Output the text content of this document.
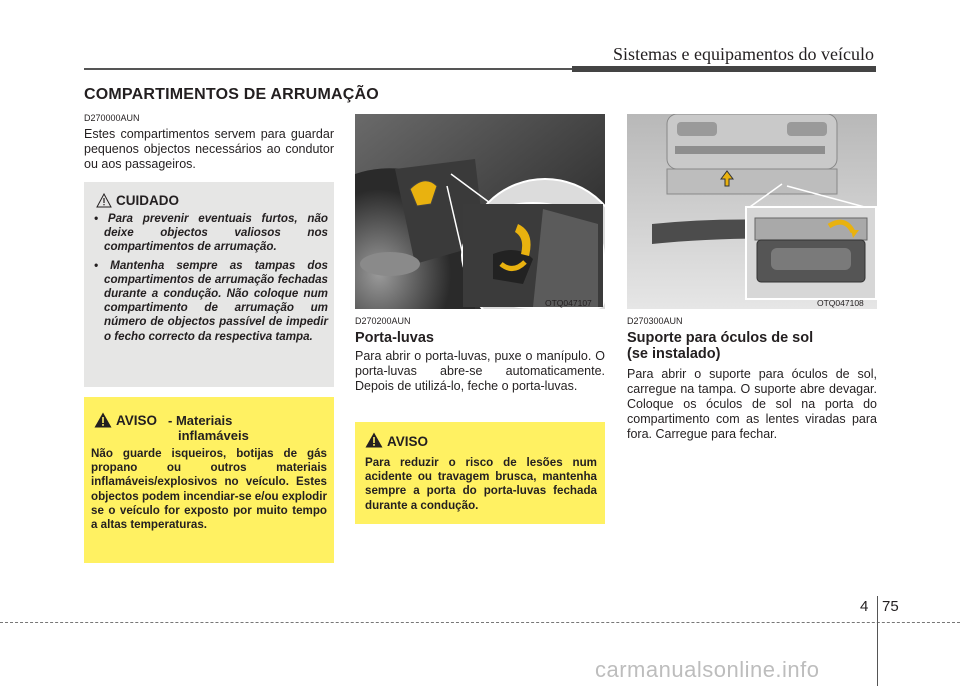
Sistemas e equipamentos do veículo
COMPARTIMENTOS DE ARRUMAÇÃO
D270000AUN
Estes compartimentos servem para guardar pequenos objectos necessários ao condutor ou aos passageiros.
CUIDADO
• Para prevenir eventuais furtos, não deixe objectos valiosos nos compartimentos de arrumação.
• Mantenha sempre as tampas dos compartimentos de arrumação fechadas durante a condução. Não coloque num compartimento de arrumação um número de objectos passível de impedir o fecho correcto da respectiva tampa.
AVISO - Materiais inflamáveis
Não guarde isqueiros, botijas de gás propano ou outros materiais inflamáveis/explosivos no veículo. Estes objectos podem incendiar-se e/ou explodir se o veículo for exposto por muito tempo a altas temperaturas.
OTQ047107
D270200AUN
Porta-luvas
Para abrir o porta-luvas, puxe o manípulo. O porta-luvas abre-se automaticamente. Depois de utilizá-lo, feche o porta-luvas.
AVISO
Para reduzir o risco de lesões num acidente ou travagem brusca, mantenha sempre a porta do porta-luvas fechada durante a condução.
OTQ047108
D270300AUN
Suporte para óculos de sol
(se instalado)
Para abrir o suporte para óculos de sol, carregue na tampa. O suporte abre devagar. Coloque os óculos de sol na porta do compartimento com as lentes viradas para fora. Carregue para fechar.
4 75
carmanualsonline.info
